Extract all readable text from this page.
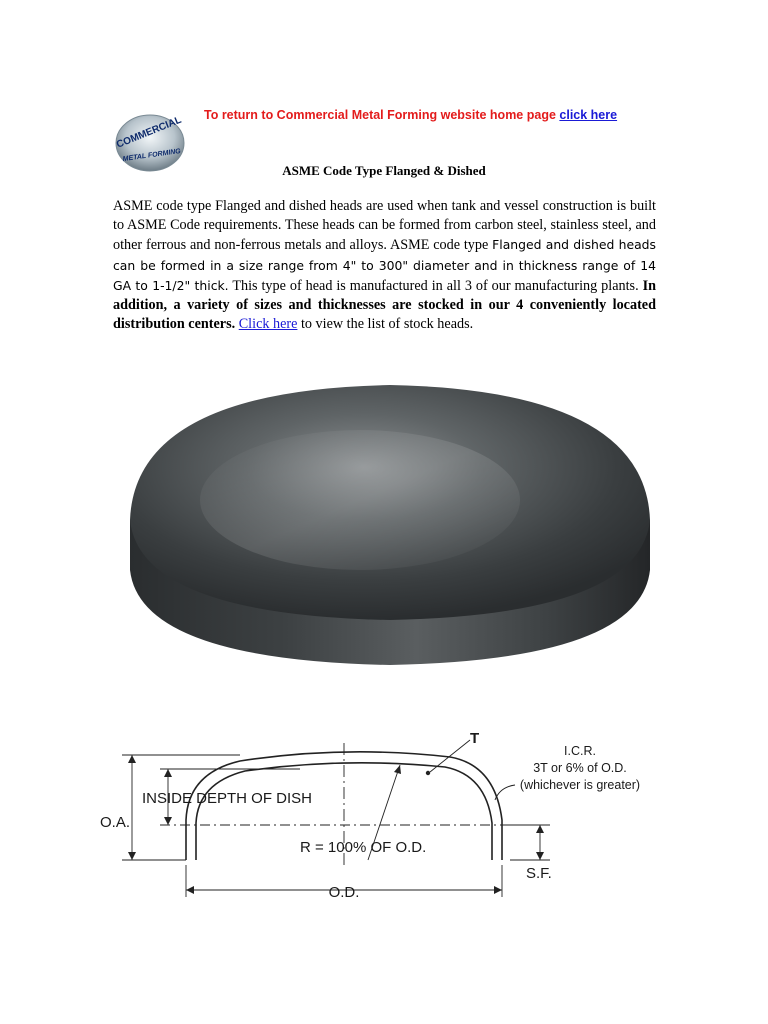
COMMERCIAL
METAL FORMING
To return to Commercial Metal Forming website home page click here
ASME Code Type Flanged & Dished

ASME code type Flanged and dished heads are used when tank and vessel construction is built to ASME Code requirements. These heads can be formed from carbon steel, stainless steel, and other ferrous and non-ferrous metals and alloys. ASME code type Flanged and dished heads can be formed in a size range from 4" to 300" diameter and in thickness range of 14 GA to 1-1/2" thick. This type of head is manufactured in all 3 of our manufacturing plants. In addition, a variety of sizes and thicknesses are stocked in our 4 conveniently located distribution centers. Click here to view the list of stock heads.

T
I.C.R.
3T or 6% of O.D.
(whichever is greater)
INSIDE DEPTH OF DISH
O.A.
R = 100% OF O.D.
S.F.
O.D.
